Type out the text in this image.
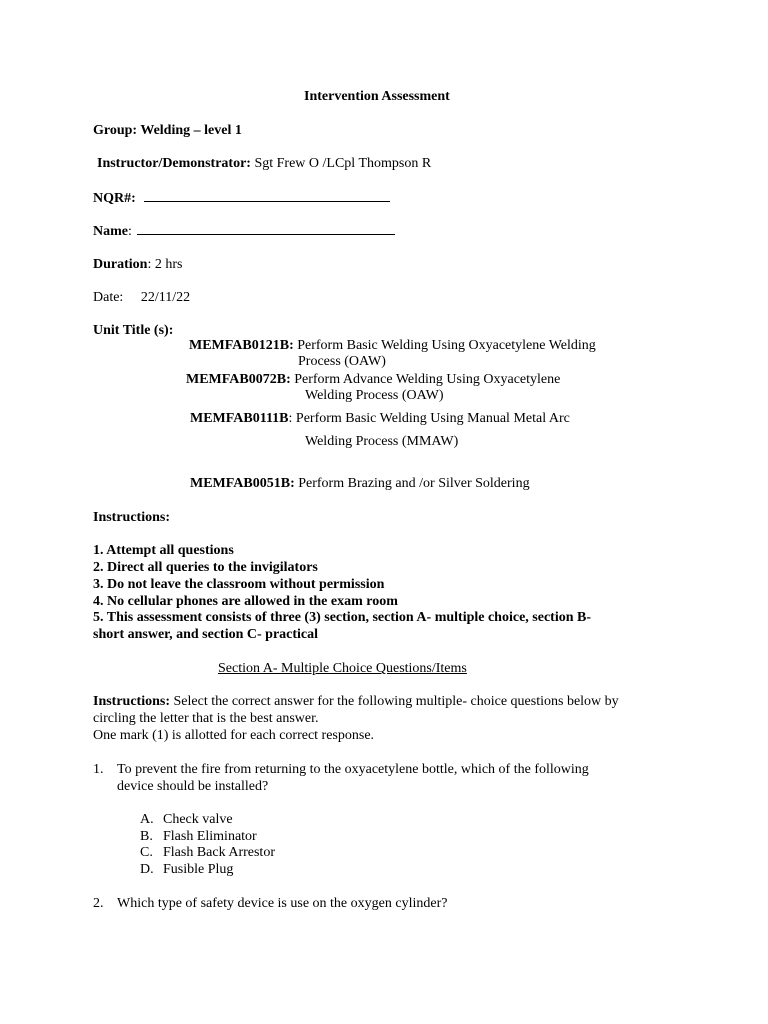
Intervention Assessment
Group: Welding – level 1
Instructor/Demonstrator: Sgt Frew O /LCpl Thompson R
NQR#:
Name:
Duration: 2 hrs
Date: 22/11/22
Unit Title (s):
MEMFAB0121B: Perform Basic Welding Using Oxyacetylene Welding
Process (OAW)
MEMFAB0072B: Perform Advance Welding Using Oxyacetylene
Welding Process (OAW)
MEMFAB0111B: Perform Basic Welding Using Manual Metal Arc
Welding Process (MMAW)
MEMFAB0051B: Perform Brazing and /or Silver Soldering
Instructions:
1. Attempt all questions
2. Direct all queries to the invigilators
3. Do not leave the classroom without permission
4. No cellular phones are allowed in the exam room
5. This assessment consists of three (3) section, section A- multiple choice, section B-
short answer, and section C- practical
Section A- Multiple Choice Questions/Items
Instructions: Select the correct answer for the following multiple- choice questions below by
circling the letter that is the best answer.
One mark (1) is allotted for each correct response.
1. To prevent the fire from returning to the oxyacetylene bottle, which of the following
device should be installed?
A. Check valve
B. Flash Eliminator
C. Flash Back Arrestor
D. Fusible Plug
2. Which type of safety device is use on the oxygen cylinder?
